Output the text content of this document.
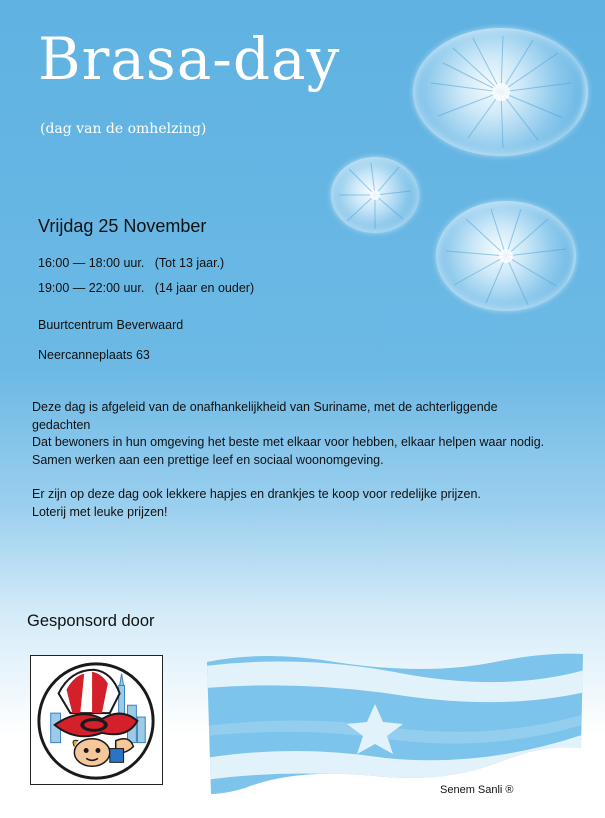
Brasa-day

(dag van de omhelzing)

Vrijdag 25 November
16:00 — 18:00 uur.   (Tot 13 jaar.)
19:00 — 22:00 uur.   (14 jaar en ouder)
Buurtcentrum Beverwaard
Neercanneplaats 63

Deze dag is afgeleid van de onafhankelijkheid van Suriname, met de achterliggende gedachten

Dat bewoners in hun omgeving het beste met elkaar voor hebben, elkaar helpen waar nodig.

Samen werken aan een prettige leef en sociaal woonomgeving.

Er zijn op deze dag ook lekkere hapjes en drankjes te koop voor redelijke prijzen.

Loterij met leuke prijzen!

Gesponsord door
Senem Sanli ®
